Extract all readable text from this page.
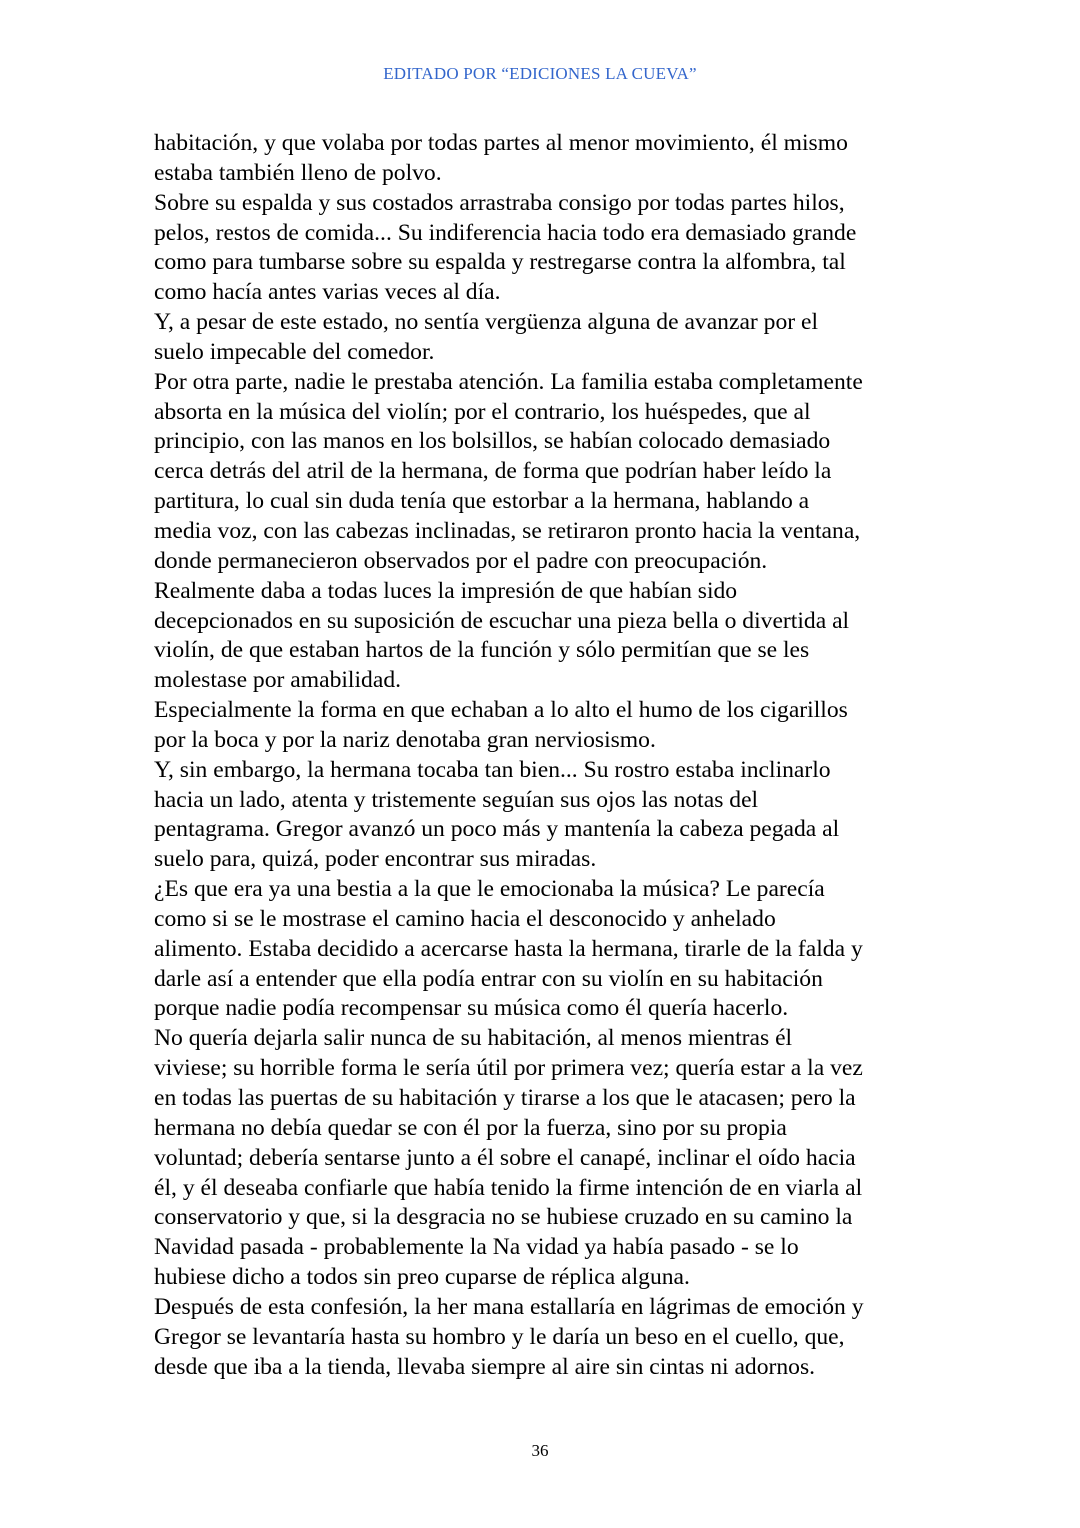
EDITADO POR “EDICIONES LA CUEVA”
habitación, y que volaba por todas partes al menor movimiento, él mismo
estaba también lleno de polvo.
Sobre su espalda y sus costados arrastraba consigo por todas partes hilos,
pelos, restos de comida... Su indiferencia hacia todo era demasiado grande
como para tumbarse sobre su espalda y restregarse contra la alfombra, tal
como hacía antes varias veces al día.
Y, a pesar de este estado, no sentía vergüenza alguna de avanzar por el
suelo impecable del comedor.
Por otra parte, nadie le prestaba atención. La familia estaba completamente
absorta en la música del violín; por el contrario, los huéspedes, que al
principio, con las manos en los bolsillos, se habían colocado demasiado
cerca detrás del atril de la hermana, de forma que podrían haber leído la
partitura, lo cual sin duda tenía que estorbar a la hermana, hablando a
media voz, con las cabezas inclinadas, se retiraron pronto hacia la ventana,
donde permanecieron observados por el padre con preocupación.
Realmente daba a todas luces la impresión de que habían sido
decepcionados en su suposición de escuchar una pieza bella o divertida al
violín, de que estaban hartos de la función y sólo permitían que se les
molestase por amabilidad.
Especialmente la forma en que echaban a lo alto el humo de los cigarillos
por la boca y por la nariz denotaba gran nerviosismo.
Y, sin embargo, la hermana tocaba tan bien... Su rostro estaba inclinarlo
hacia un lado, atenta y tristemente seguían sus ojos las notas del
pentagrama. Gregor avanzó un poco más y mantenía la cabeza pegada al
suelo para, quizá, poder encontrar sus miradas.
¿Es que era ya una bestia a la que le emocionaba la música? Le parecía
como si se le mostrase el camino hacia el desconocido y anhelado
alimento. Estaba decidido a acercarse hasta la hermana, tirarle de la falda y
darle así a entender que ella podía entrar con su violín en su habitación
porque nadie podía recompensar su música como él quería hacerlo.
No quería dejarla salir nunca de su habitación, al menos mientras él
viviese; su horrible forma le sería útil por primera vez; quería estar a la vez
en todas las puertas de su habitación y tirarse a los que le atacasen; pero la
hermana no debía quedar se con él por la fuerza, sino por su propia
voluntad; debería sentarse junto a él sobre el canapé, inclinar el oído hacia
él, y él deseaba confiarle que había tenido la firme intención de en viarla al
conservatorio y que, si la desgracia no se hubiese cruzado en su camino la
Navidad pasada - probablemente la Na vidad ya había pasado - se lo
hubiese dicho a todos sin preo cuparse de réplica alguna.
Después de esta confesión, la her mana estallaría en lágrimas de emoción y
Gregor se levantaría hasta su hombro y le daría un beso en el cuello, que,
desde que iba a la tienda, llevaba siempre al aire sin cintas ni adornos.
36
